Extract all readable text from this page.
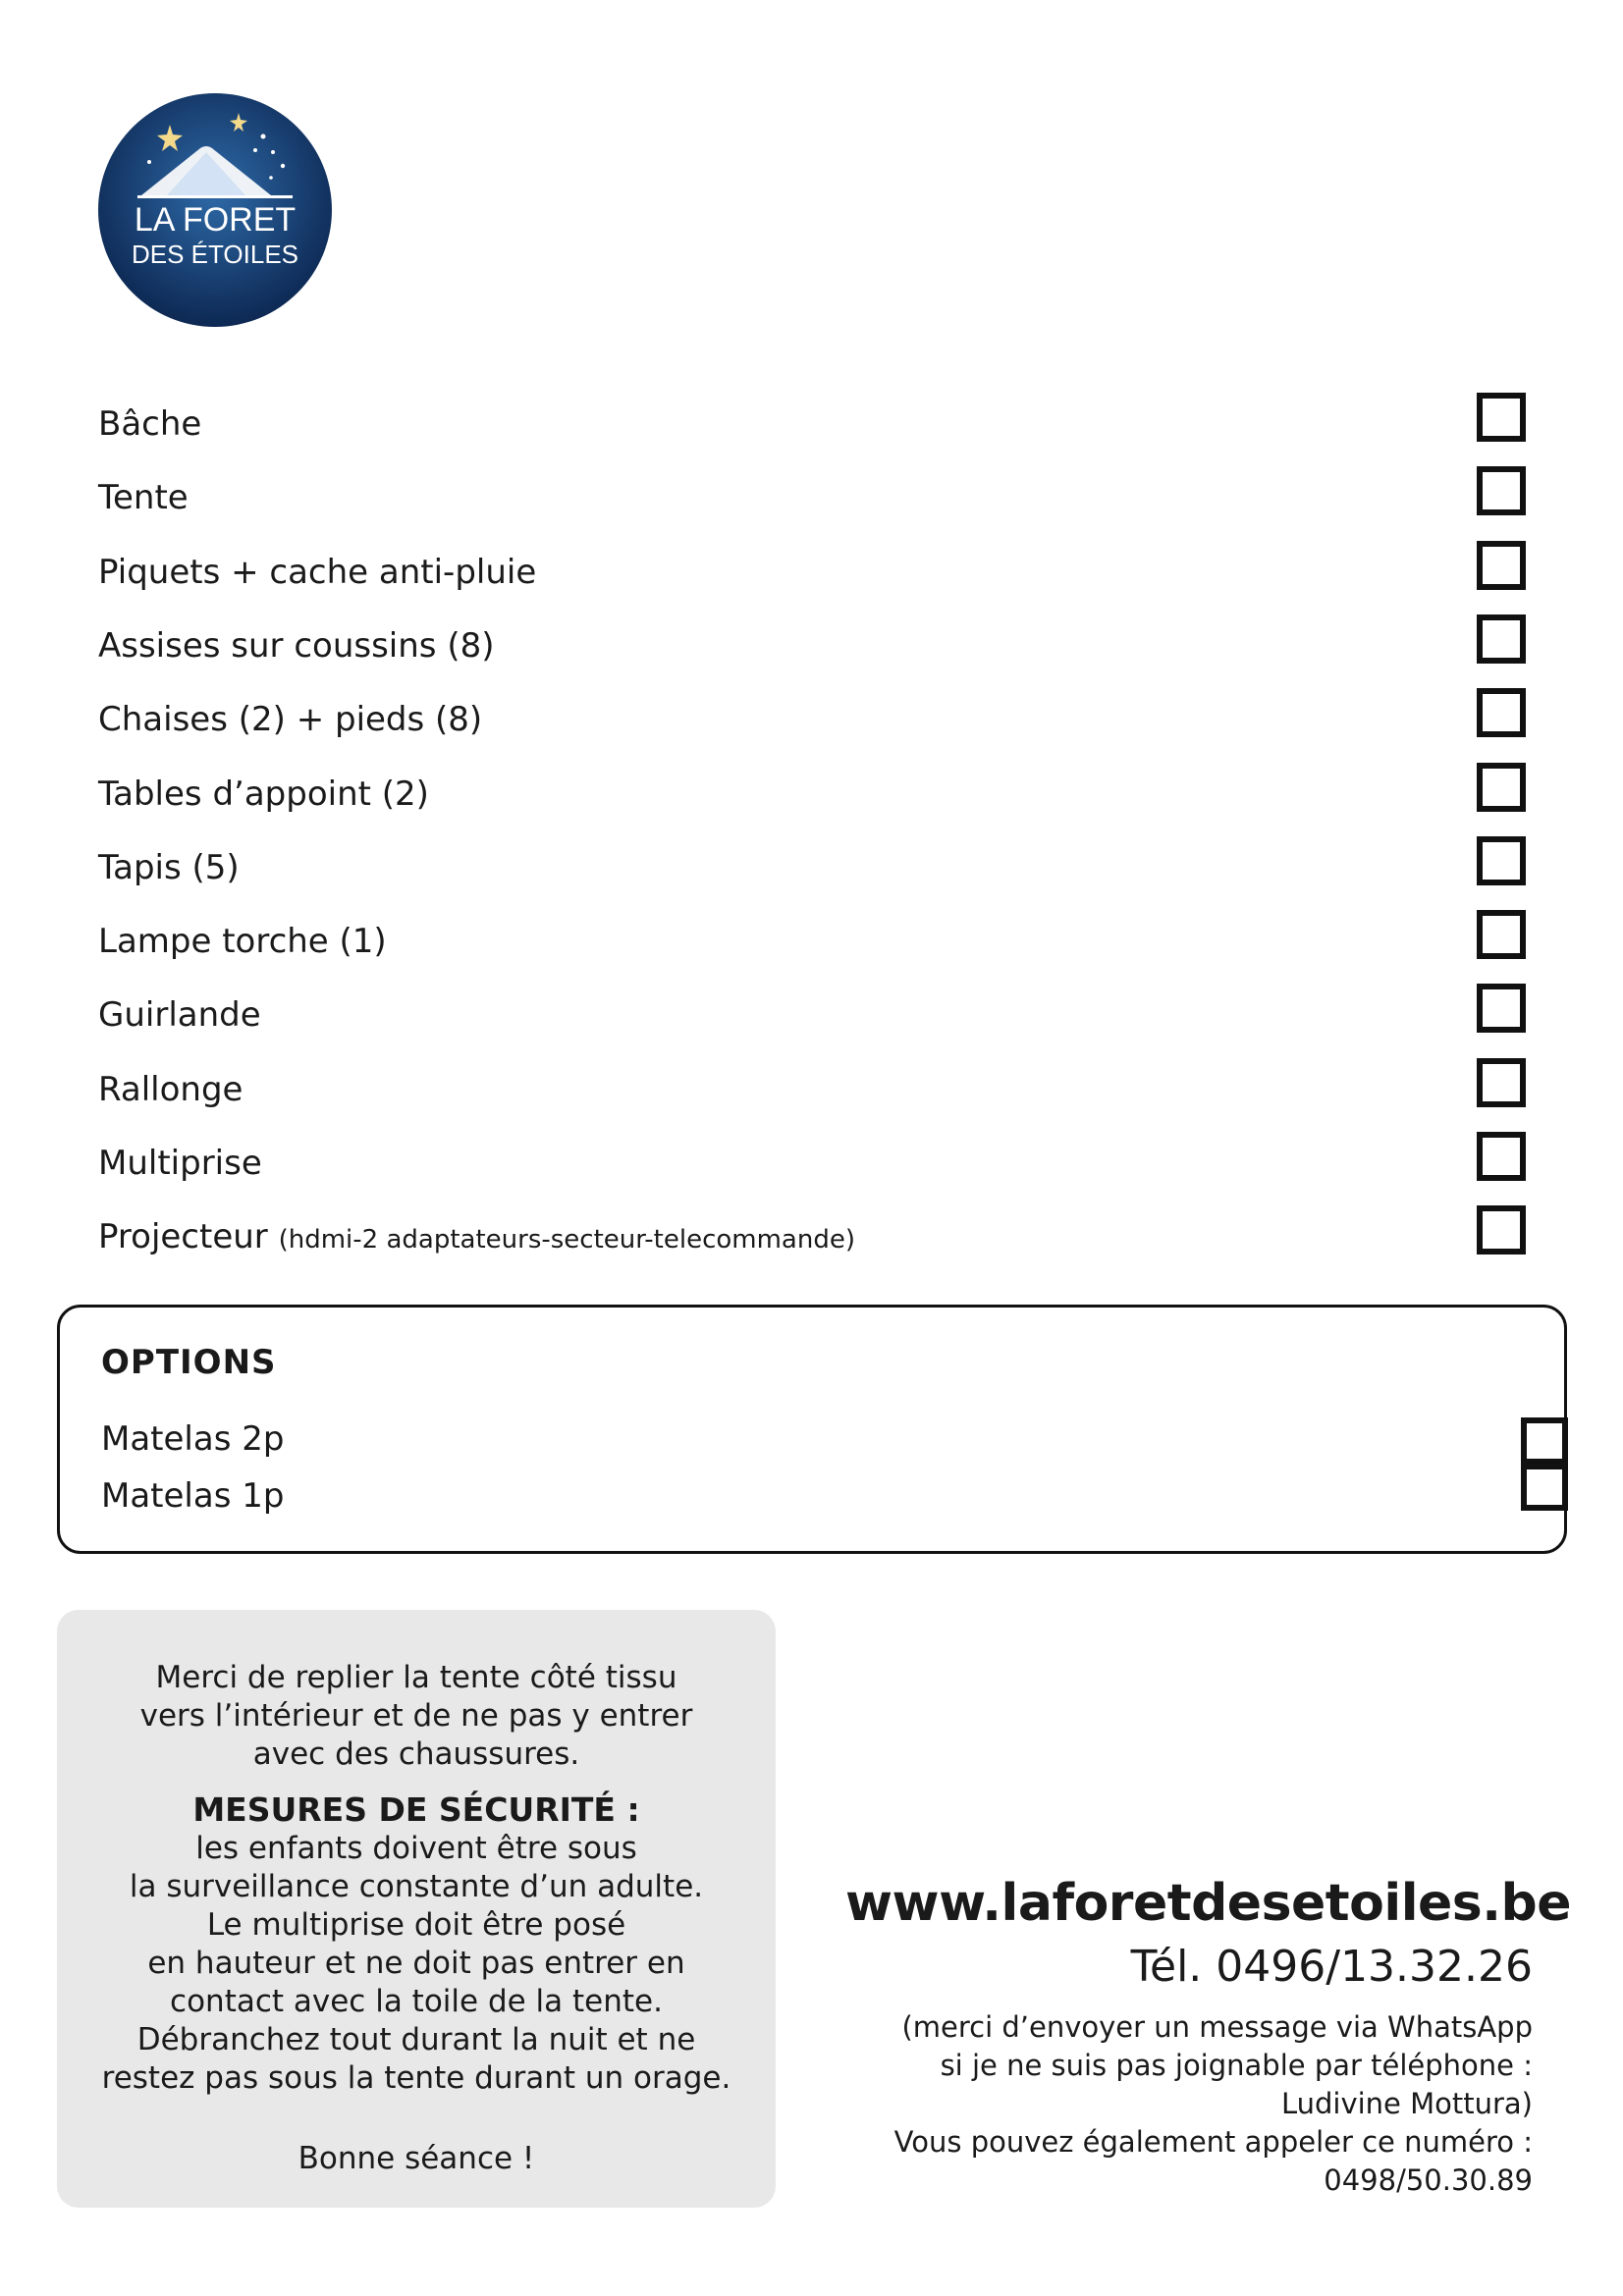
LA FORET
DES ÉTOILES
Bâche
Tente
Piquets + cache anti-pluie
Assises sur coussins (8)
Chaises (2) + pieds (8)
Tables d’appoint (2)
Tapis (5)
Lampe torche (1)
Guirlande
Rallonge
Multiprise
Projecteur (hdmi-2 adaptateurs-secteur-telecommande)
OPTIONS
Matelas 2p
Matelas 1p
Merci de replier la tente côté tissu
vers l’intérieur et de ne pas y entrer
avec des chaussures.
MESURES DE SÉCURITÉ :
les enfants doivent être sous
la surveillance constante d’un adulte.
Le multiprise doit être posé
en hauteur et ne doit pas entrer en
contact avec la toile de la tente.
Débranchez tout durant la nuit et ne
restez pas sous la tente durant un orage.
Bonne séance !
www.laforetdesetoiles.be
Tél. 0496/13.32.26
(merci d’envoyer un message via WhatsApp
si je ne suis pas joignable par téléphone :
Ludivine Mottura)
Vous pouvez également appeler ce numéro :
0498/50.30.89
